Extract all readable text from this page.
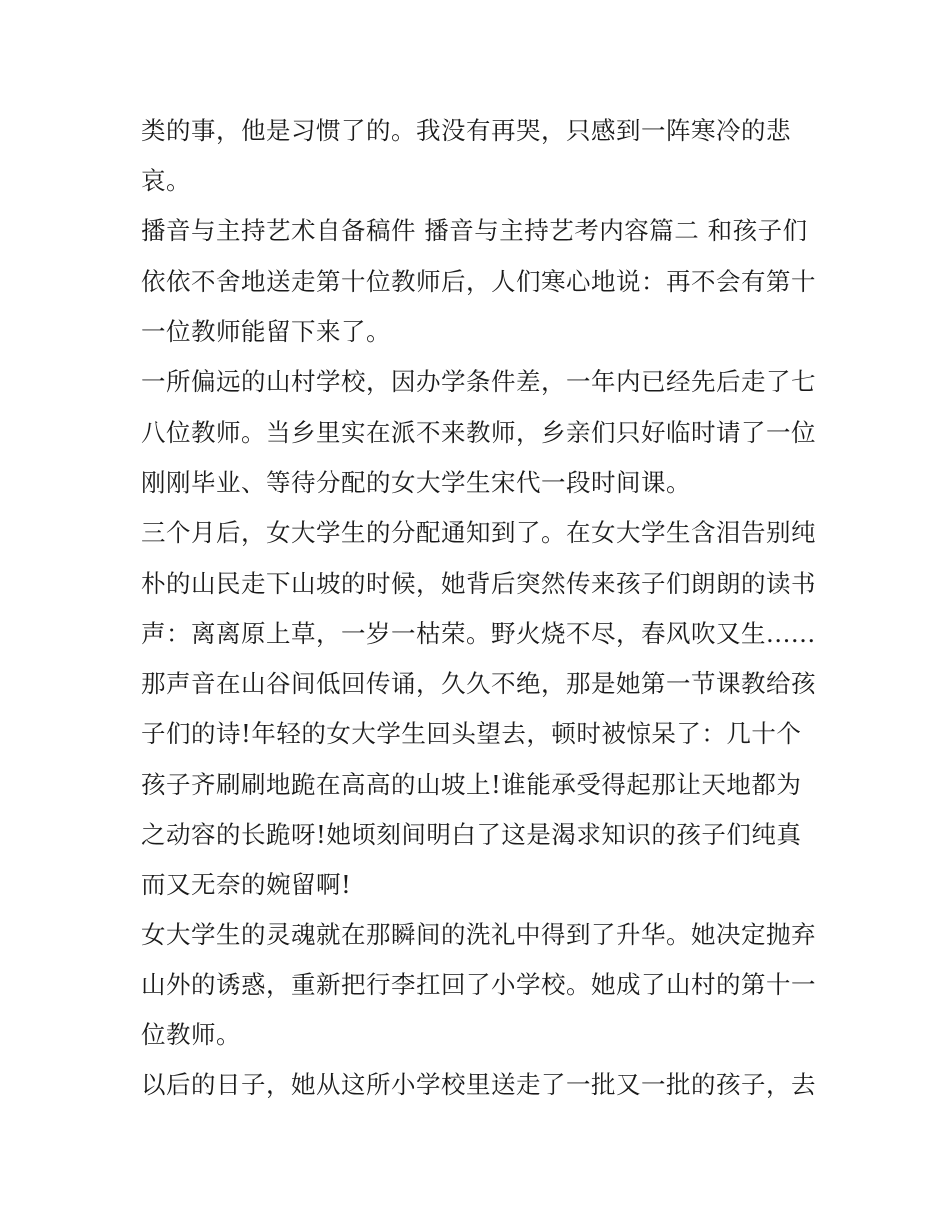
类的事，他是习惯了的。我没有再哭，只感到一阵寒冷的悲
哀。
播音与主持艺术自备稿件 播音与主持艺考内容篇二 和孩子们
依依不舍地送走第十位教师后，人们寒心地说：再不会有第十
一位教师能留下来了。
一所偏远的山村学校，因办学条件差，一年内已经先后走了七
八位教师。当乡里实在派不来教师，乡亲们只好临时请了一位
刚刚毕业、等待分配的女大学生宋代一段时间课。
三个月后，女大学生的分配通知到了。在女大学生含泪告别纯
朴的山民走下山坡的时候，她背后突然传来孩子们朗朗的读书
声：离离原上草，一岁一枯荣。野火烧不尽，春风吹又生......
那声音在山谷间低回传诵，久久不绝，那是她第一节课教给孩
子们的诗!年轻的女大学生回头望去，顿时被惊呆了：几十个
孩子齐刷刷地跪在高高的山坡上!谁能承受得起那让天地都为
之动容的长跪呀!她顷刻间明白了这是渴求知识的孩子们纯真
而又无奈的婉留啊!
女大学生的灵魂就在那瞬间的洗礼中得到了升华。她决定抛弃
山外的诱惑，重新把行李扛回了小学校。她成了山村的第十一
位教师。
以后的日子，她从这所小学校里送走了一批又一批的孩子，去
